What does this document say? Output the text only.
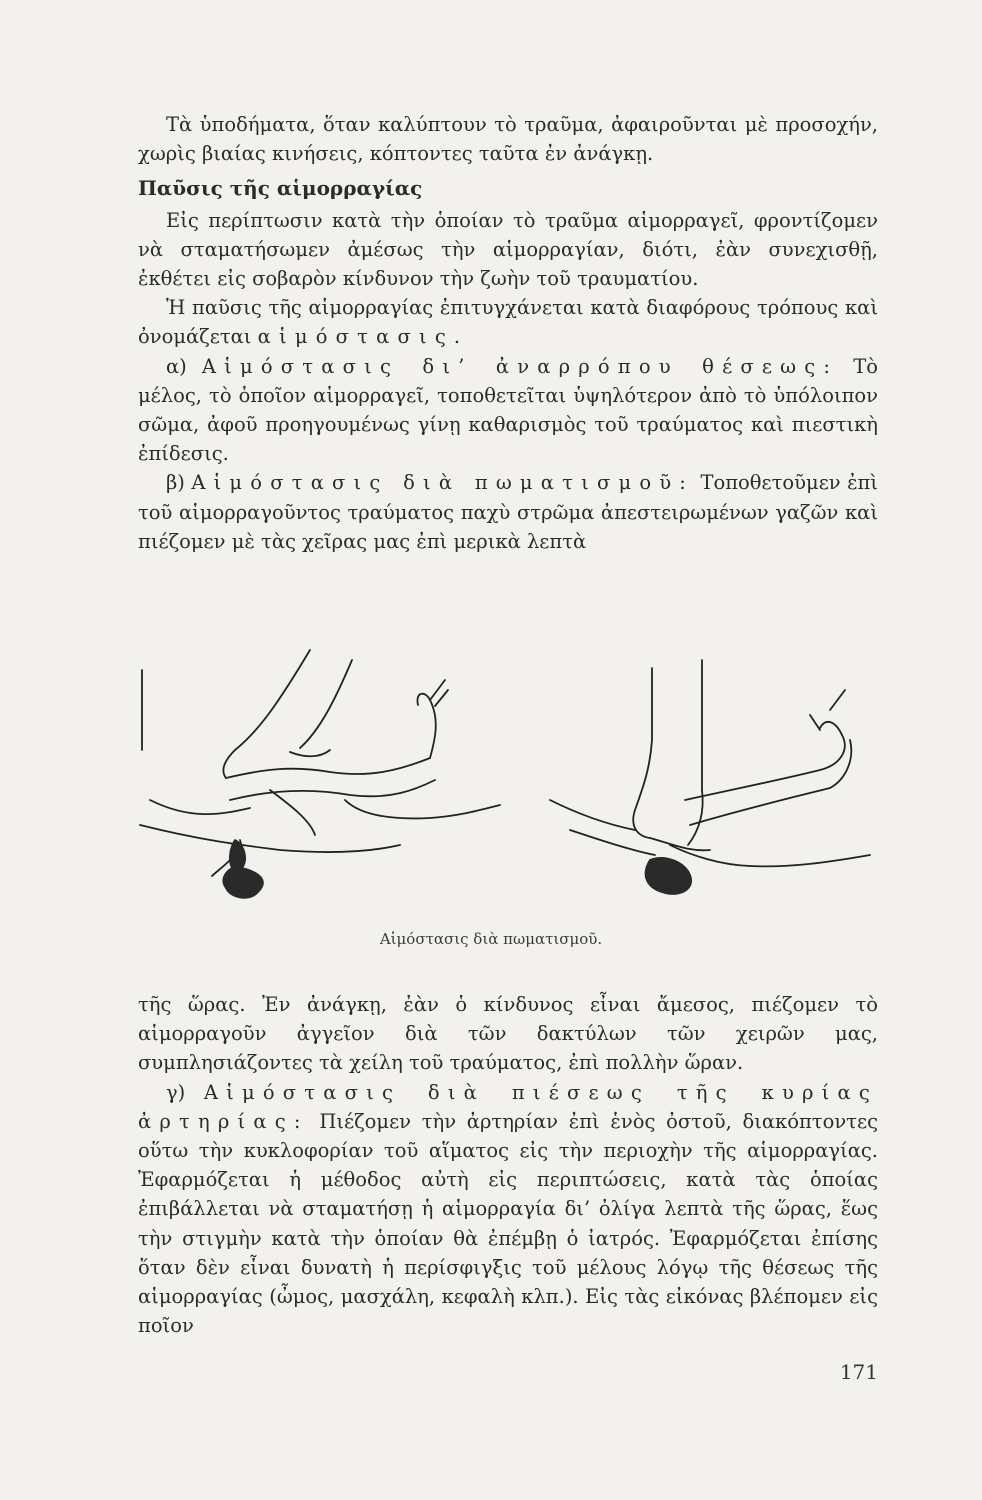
Τὰ ὑποδήματα, ὅταν καλύπτουν τὸ τραῦμα, ἀφαιροῦνται μὲ προσοχήν, χωρὶς βιαίας κινήσεις, κόπτοντες ταῦτα ἐν ἀνάγκῃ.

Παῦσις τῆς αἱμορραγίας

Εἰς περίπτωσιν κατὰ τὴν ὁποίαν τὸ τραῦμα αἱμορραγεῖ, φροντίζομεν νὰ σταματήσωμεν ἀμέσως τὴν αἱμορραγίαν, διότι, ἐὰν συνεχισθῇ, ἐκθέτει εἰς σοβαρὸν κίνδυνον τὴν ζωὴν τοῦ τραυματίου.

Ἡ παῦσις τῆς αἱμορραγίας ἐπιτυγχάνεται κατὰ διαφόρους τρόπους καὶ ὀνομάζεται αἱμόστασις.

α) Αἱμόστασις δι’ ἀναρρόπου θέσεως: Τὸ μέλος, τὸ ὁποῖον αἱμορραγεῖ, τοποθετεῖται ὑψηλότερον ἀπὸ τὸ ὑπόλοιπον σῶμα, ἀφοῦ προηγουμένως γίνῃ καθαρισμὸς τοῦ τραύματος καὶ πιεστικὴ ἐπίδεσις.

β) Αἱμόστασις διὰ πωματισμοῦ: Τοποθετοῦμεν ἐπὶ τοῦ αἱμορραγοῦντος τραύματος παχὺ στρῶμα ἀπεστειρωμένων γαζῶν καὶ πιέζομεν μὲ τὰς χεῖρας μας ἐπὶ μερικὰ λεπτὰ

Αἱμόστασις διὰ πωματισμοῦ.

τῆς ὥρας. Ἐν ἀνάγκῃ, ἐὰν ὁ κίνδυνος εἶναι ἄμεσος, πιέζομεν τὸ αἱμορραγοῦν ἀγγεῖον διὰ τῶν δακτύλων τῶν χειρῶν μας, συμπλησιάζοντες τὰ χείλη τοῦ τραύματος, ἐπὶ πολλὴν ὥραν.

γ) Αἱμόστασις διὰ πιέσεως τῆς κυρίας ἀρτηρίας: Πιέζομεν τὴν ἀρτηρίαν ἐπὶ ἑνὸς ὀστοῦ, διακόπτοντες οὕτω τὴν κυκλοφορίαν τοῦ αἵματος εἰς τὴν περιοχὴν τῆς αἱμορραγίας. Ἐφαρμόζεται ἡ μέθοδος αὐτὴ εἰς περιπτώσεις, κατὰ τὰς ὁποίας ἐπιβάλλεται νὰ σταματήσῃ ἡ αἱμορραγία δι’ ὀλίγα λεπτὰ τῆς ὥρας, ἕως τὴν στιγμὴν κατὰ τὴν ὁποίαν θὰ ἐπέμβῃ ὁ ἰατρός. Ἐφαρμόζεται ἐπίσης ὅταν δὲν εἶναι δυνατὴ ἡ περίσφιγξις τοῦ μέλους λόγῳ τῆς θέσεως τῆς αἱμορραγίας (ὦμος, μασχάλη, κεφαλὴ κλπ.). Εἰς τὰς εἰκόνας βλέπομεν εἰς ποῖον

171
